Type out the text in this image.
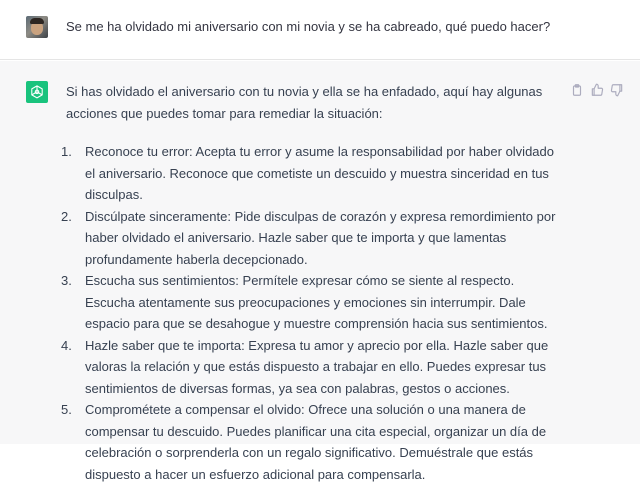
Se me ha olvidado mi aniversario con mi novia y se ha cabreado, qué puedo hacer?

Si has olvidado el aniversario con tu novia y ella se ha enfadado, aquí hay algunas acciones que puedes tomar para remediar la situación:

1. Reconoce tu error: Acepta tu error y asume la responsabilidad por haber olvidado el aniversario. Reconoce que cometiste un descuido y muestra sinceridad en tus disculpas.
2. Discúlpate sinceramente: Pide disculpas de corazón y expresa remordimiento por haber olvidado el aniversario. Hazle saber que te importa y que lamentas profundamente haberla decepcionado.
3. Escucha sus sentimientos: Permítele expresar cómo se siente al respecto. Escucha atentamente sus preocupaciones y emociones sin interrumpir. Dale espacio para que se desahogue y muestre comprensión hacia sus sentimientos.
4. Hazle saber que te importa: Expresa tu amor y aprecio por ella. Hazle saber que valoras la relación y que estás dispuesto a trabajar en ello. Puedes expresar tus sentimientos de diversas formas, ya sea con palabras, gestos o acciones.
5. Comprométete a compensar el olvido: Ofrece una solución o una manera de compensar tu descuido. Puedes planificar una cita especial, organizar un día de celebración o sorprenderla con un regalo significativo. Demuéstrale que estás dispuesto a hacer un esfuerzo adicional para compensarla.
